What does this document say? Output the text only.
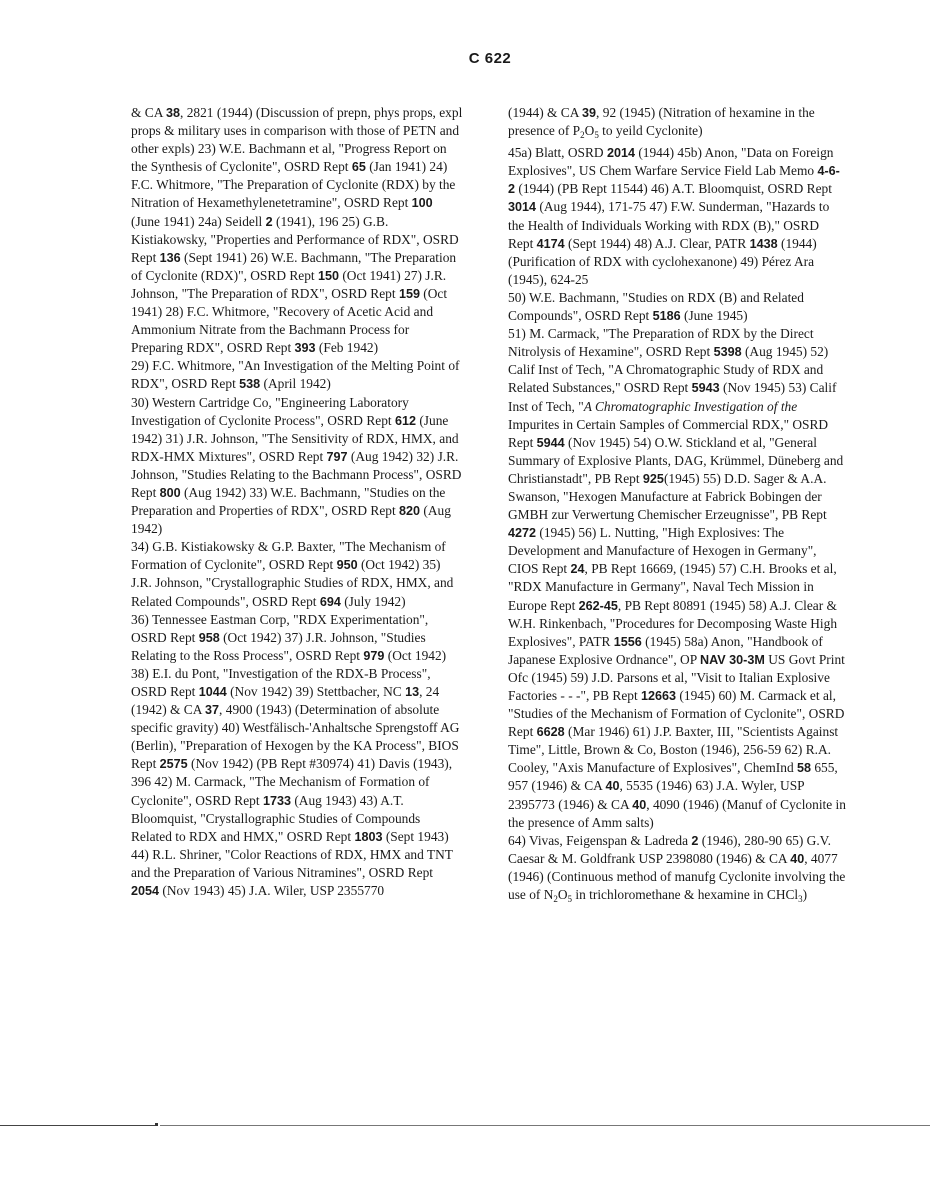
C 622

& CA 38, 2821 (1944) (Discussion of prepn, phys props, expl props & military uses in comparison with those of PETN and other expls) 23) W.E. Bachmann et al, "Progress Report on the Synthesis of Cyclonite", OSRD Rept 65 (Jan 1941) 24) F.C. Whitmore, "The Preparation of Cyclonite (RDX) by the Nitration of Hexamethylenetetramine", OSRD Rept 100 (June 1941) 24a) Seidell 2 (1941), 196 25) G.B. Kistiakowsky, "Properties and Performance of RDX", OSRD Rept 136 (Sept 1941) 26) W.E. Bachmann, "The Preparation of Cyclonite (RDX)", OSRD Rept 150 (Oct 1941) 27) J.R. Johnson, "The Preparation of RDX", OSRD Rept 159 (Oct 1941) 28) F.C. Whitmore, "Recovery of Acetic Acid and Ammonium Nitrate from the Bachmann Process for Preparing RDX", OSRD Rept 393 (Feb 1942)

29) F.C. Whitmore, "An Investigation of the Melting Point of RDX", OSRD Rept 538 (April 1942)

30) Western Cartridge Co, "Engineering Laboratory Investigation of Cyclonite Process", OSRD Rept 612 (June 1942) 31) J.R. Johnson, "The Sensitivity of RDX, HMX, and RDX-HMX Mixtures", OSRD Rept 797 (Aug 1942) 32) J.R. Johnson, "Studies Relating to the Bachmann Process", OSRD Rept 800 (Aug 1942) 33) W.E. Bachmann, "Studies on the Preparation and Properties of RDX", OSRD Rept 820 (Aug 1942)

34) G.B. Kistiakowsky & G.P. Baxter, "The Mechanism of Formation of Cyclonite", OSRD Rept 950 (Oct 1942) 35) J.R. Johnson, "Crystallographic Studies of RDX, HMX, and Related Compounds", OSRD Rept 694 (July 1942)

36) Tennessee Eastman Corp, "RDX Experimentation", OSRD Rept 958 (Oct 1942) 37) J.R. Johnson, "Studies Relating to the Ross Process", OSRD Rept 979 (Oct 1942) 38) E.I. du Pont, "Investigation of the RDX-B Process", OSRD Rept 1044 (Nov 1942) 39) Stettbacher, NC 13, 24 (1942) & CA 37, 4900 (1943) (Determination of absolute specific gravity) 40) Westfälisch-'Anhaltsche Sprengstoff AG (Berlin), "Preparation of Hexogen by the KA Process", BIOS Rept 2575 (Nov 1942) (PB Rept #30974) 41) Davis (1943), 396 42) M. Carmack, "The Mechanism of Formation of Cyclonite", OSRD Rept 1733 (Aug 1943) 43) A.T. Bloomquist, "Crystallographic Studies of Compounds Related to RDX and HMX," OSRD Rept 1803 (Sept 1943) 44) R.L. Shriner, "Color Reactions of RDX, HMX and TNT and the Preparation of Various Nitramines", OSRD Rept 2054 (Nov 1943) 45) J.A. Wiler, USP 2355770

(1944) & CA 39, 92 (1945) (Nitration of hexamine in the presence of $P_2O_5$ to yeild Cyclonite)

45a) Blatt, OSRD 2014 (1944) 45b) Anon, "Data on Foreign Explosives", US Chem Warfare Service Field Lab Memo 4-6-2 (1944) (PB Rept 11544) 46) A.T. Bloomquist, OSRD Rept 3014 (Aug 1944), 171-75 47) F.W. Sunderman, "Hazards to the Health of Individuals Working with RDX (B)," OSRD Rept 4174 (Sept 1944) 48) A.J. Clear, PATR 1438 (1944) (Purification of RDX with cyclohexanone) 49) Pérez Ara (1945), 624-25

50) W.E. Bachmann, "Studies on RDX (B) and Related Compounds", OSRD Rept 5186 (June 1945)

51) M. Carmack, "The Preparation of RDX by the Direct Nitrolysis of Hexamine", OSRD Rept 5398 (Aug 1945) 52) Calif Inst of Tech, "A Chromatographic Study of RDX and Related Substances," OSRD Rept 5943 (Nov 1945) 53) Calif Inst of Tech, "A Chromatographic Investigation of the Impurites in Certain Samples of Commercial RDX," OSRD Rept 5944 (Nov 1945) 54) O.W. Stickland et al, "General Summary of Explosive Plants, DAG, Krümmel, Düneberg and Christianstadt", PB Rept 925(1945) 55) D.D. Sager & A.A. Swanson, "Hexogen Manufacture at Fabrick Bobingen der GMBH zur Verwertung Chemischer Erzeugnisse", PB Rept 4272 (1945) 56) L. Nutting, "High Explosives: The Development and Manufacture of Hexogen in Germany", CIOS Rept 24, PB Rept 16669, (1945) 57) C.H. Brooks et al, "RDX Manufacture in Germany", Naval Tech Mission in Europe Rept 262-45, PB Rept 80891 (1945) 58) A.J. Clear & W.H. Rinkenbach, "Procedures for Decomposing Waste High Explosives", PATR 1556 (1945) 58a) Anon, "Handbook of Japanese Explosive Ordnance", OP NAV 30-3M US Govt Print Ofc (1945) 59) J.D. Parsons et al, "Visit to Italian Explosive Factories - - -", PB Rept 12663 (1945) 60) M. Carmack et al, "Studies of the Mechanism of Formation of Cyclonite", OSRD Rept 6628 (Mar 1946) 61) J.P. Baxter, III, "Scientists Against Time", Little, Brown & Co, Boston (1946), 256-59 62) R.A. Cooley, "Axis Manufacture of Explosives", ChemInd 58 655, 957 (1946) & CA 40, 5535 (1946) 63) J.A. Wyler, USP 2395773 (1946) & CA 40, 4090 (1946) (Manuf of Cyclonite in the presence of Amm salts)

64) Vivas, Feigenspan & Ladreda 2 (1946), 280-90 65) G.V. Caesar & M. Goldfrank USP 2398080 (1946) & CA 40, 4077 (1946) (Continuous method of manufg Cyclonite involving the use of $N_2O_5$ in trichloromethane & hexamine in CHCl$_3$)
